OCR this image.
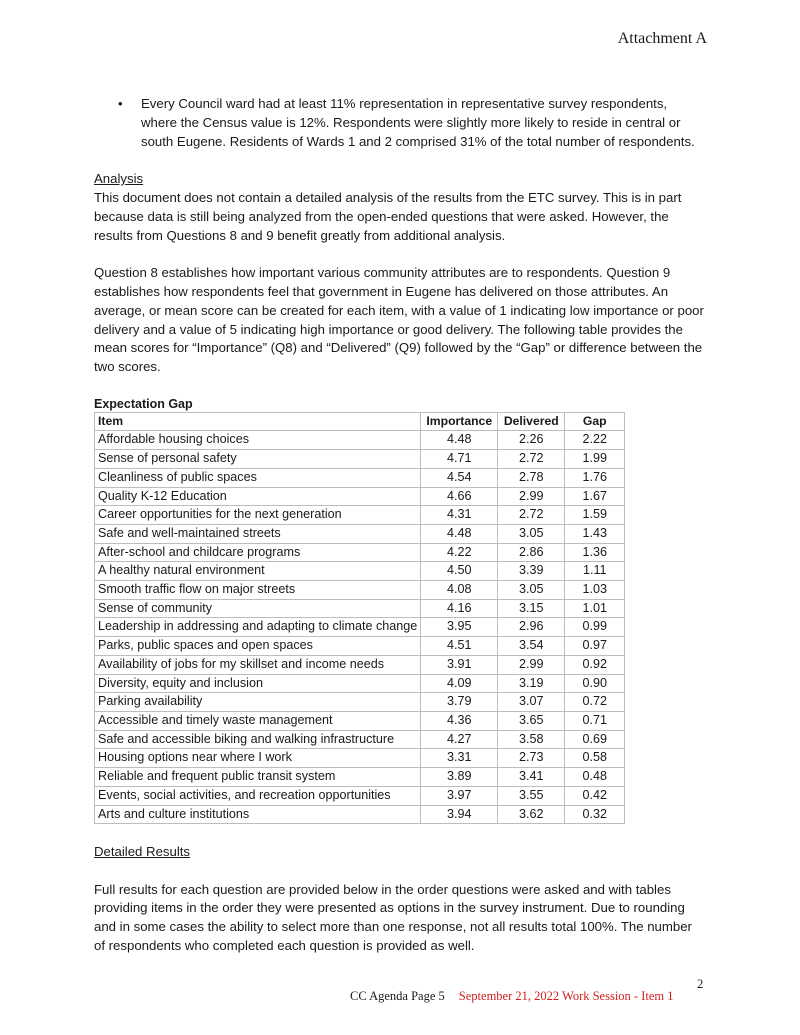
Attachment A
• Every Council ward had at least 11% representation in representative survey respondents, where the Census value is 12%. Respondents were slightly more likely to reside in central or south Eugene. Residents of Wards 1 and 2 comprised 31% of the total number of respondents.

Analysis

This document does not contain a detailed analysis of the results from the ETC survey. This is in part because data is still being analyzed from the open-ended questions that were asked. However, the results from Questions 8 and 9 benefit greatly from additional analysis.

Question 8 establishes how important various community attributes are to respondents. Question 9 establishes how respondents feel that government in Eugene has delivered on those attributes. An average, or mean score can be created for each item, with a value of 1 indicating low importance or poor delivery and a value of 5 indicating high importance or good delivery. The following table provides the mean scores for “Importance” (Q8) and “Delivered” (Q9) followed by the “Gap” or difference between the two scores.

Expectation Gap
Item	Importance	Delivered	Gap
Affordable housing choices	4.48	2.26	2.22
Sense of personal safety	4.71	2.72	1.99
Cleanliness of public spaces	4.54	2.78	1.76
Quality K-12 Education	4.66	2.99	1.67
Career opportunities for the next generation	4.31	2.72	1.59
Safe and well-maintained streets	4.48	3.05	1.43
After-school and childcare programs	4.22	2.86	1.36
A healthy natural environment	4.50	3.39	1.11
Smooth traffic flow on major streets	4.08	3.05	1.03
Sense of community	4.16	3.15	1.01
Leadership in addressing and adapting to climate change	3.95	2.96	0.99
Parks, public spaces and open spaces	4.51	3.54	0.97
Availability of jobs for my skillset and income needs	3.91	2.99	0.92
Diversity, equity and inclusion	4.09	3.19	0.90
Parking availability	3.79	3.07	0.72
Accessible and timely waste management	4.36	3.65	0.71
Safe and accessible biking and walking infrastructure	4.27	3.58	0.69
Housing options near where I work	3.31	2.73	0.58
Reliable and frequent public transit system	3.89	3.41	0.48
Events, social activities, and recreation opportunities	3.97	3.55	0.42
Arts and culture institutions	3.94	3.62	0.32

Detailed Results

Full results for each question are provided below in the order questions were asked and with tables providing items in the order they were presented as options in the survey instrument. Due to rounding and in some cases the ability to select more than one response, not all results total 100%. The number of respondents who completed each question is provided as well.

2
CC Agenda Page 5 September 21, 2022 Work Session - Item 1
